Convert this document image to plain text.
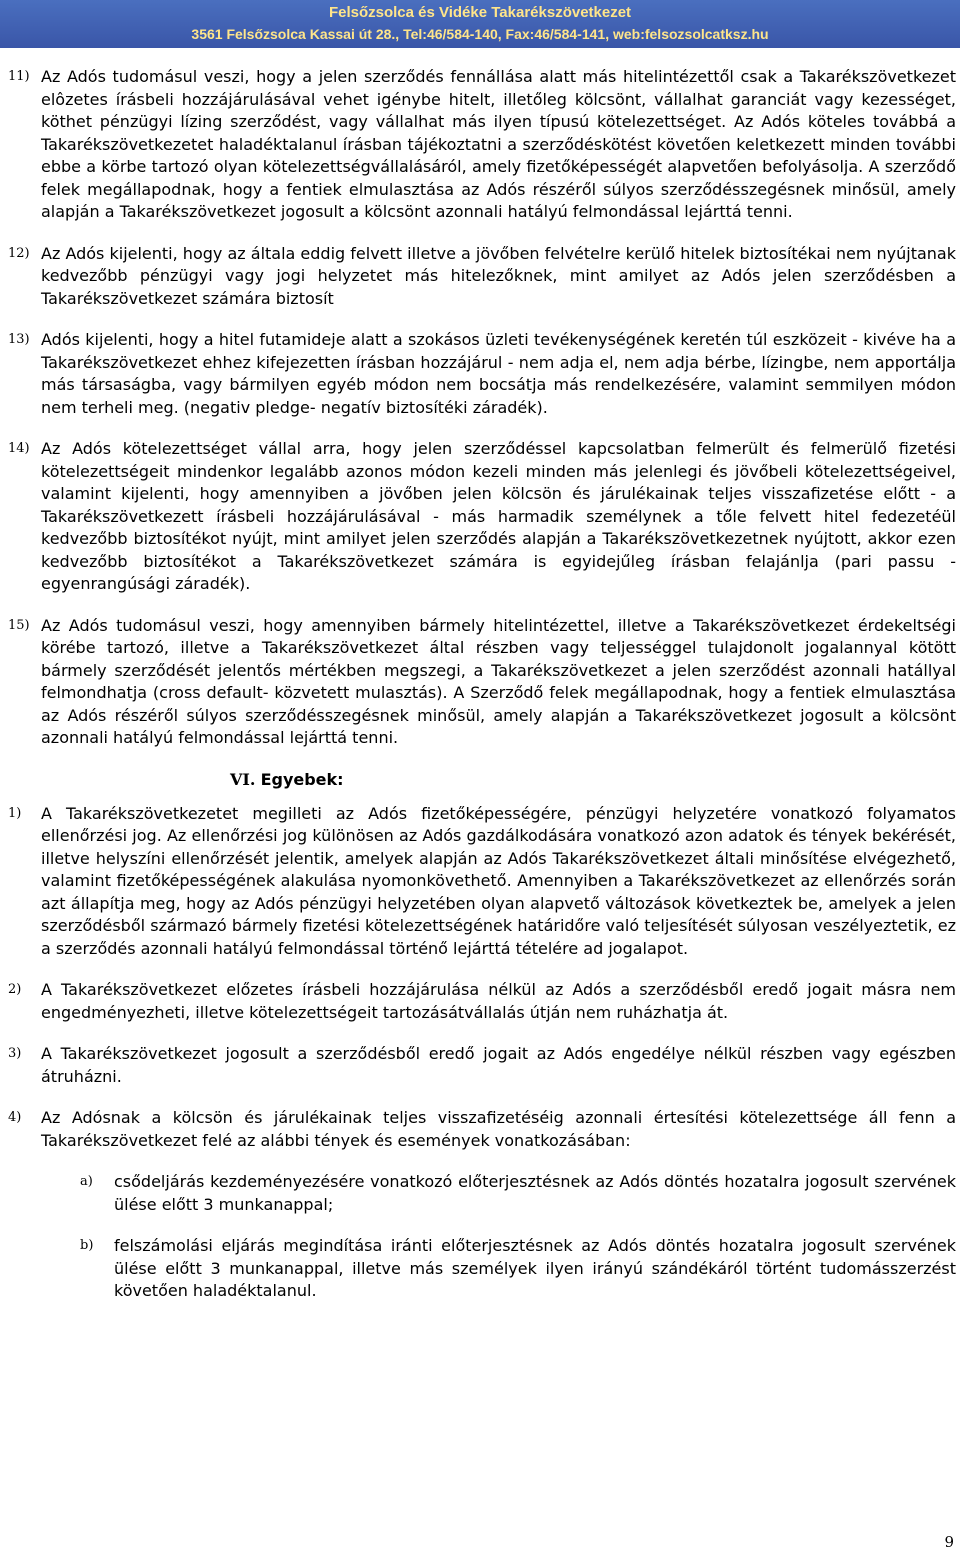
Felsőzsolca és Vidéke Takarékszövetkezet
3561 Felsőzsolca Kassai út 28., Tel:46/584-140, Fax:46/584-141, web:felsozsolcatksz.hu
11) Az Adós tudomásul veszi, hogy a jelen szerződés fennállása alatt más hitelintézettől csak a Takarékszövetkezet elôzetes írásbeli hozzájárulásával vehet igénybe hitelt, illetőleg kölcsönt, vállalhat garanciát vagy kezességet, köthet pénzügyi lízing szerződést, vagy vállalhat más ilyen típusú kötelezettséget. Az Adós köteles továbbá a Takarékszövetkezetet haladéktalanul írásban tájékoztatni a szerződéskötést követően keletkezett minden további ebbe a körbe tartozó olyan kötelezettségvállalásáról, amely fizetőképességét alapvetően befolyásolja. A szerződő felek megállapodnak, hogy a fentiek elmulasztása az Adós részéről súlyos szerződésszegésnek minősül, amely alapján a Takarékszövetkezet jogosult a kölcsönt azonnali hatályú felmondással lejárttá tenni.
12) Az Adós kijelenti, hogy az általa eddig felvett illetve a jövőben felvételre kerülő hitelek biztosítékai nem nyújtanak kedvezőbb pénzügyi vagy jogi helyzetet más hitelezőknek, mint amilyet az Adós jelen szerződésben a Takarékszövetkezet számára biztosít
13) Adós kijelenti, hogy a hitel futamideje alatt a szokásos üzleti tevékenységének keretén túl eszközeit - kivéve ha a Takarékszövetkezet ehhez kifejezetten írásban hozzájárul - nem adja el, nem adja bérbe, lízingbe, nem apportálja más társaságba, vagy bármilyen egyéb módon nem bocsátja más rendelkezésére, valamint semmilyen módon nem terheli meg. (negativ pledge- negatív biztosítéki záradék).
14) Az Adós kötelezettséget vállal arra, hogy jelen szerződéssel kapcsolatban felmerült és felmerülő fizetési kötelezettségeit mindenkor legalább azonos módon kezeli minden más jelenlegi és jövőbeli kötelezettségeivel, valamint kijelenti, hogy amennyiben a jövőben jelen kölcsön és járulékainak teljes visszafizetése előtt - a Takarékszövetkezett írásbeli hozzájárulásával - más harmadik személynek a tőle felvett hitel fedezetéül kedvezőbb biztosítékot nyújt, mint amilyet jelen szerződés alapján a Takarékszövetkezetnek nyújtott, akkor ezen kedvezőbb biztosítékot a Takarékszövetkezet számára is egyidejűleg írásban felajánlja (pari passu - egyenrangúsági záradék).
15) Az Adós tudomásul veszi, hogy amennyiben bármely hitelintézettel, illetve a Takarékszövetkezet érdekeltségi körébe tartozó, illetve a Takarékszövetkezet által részben vagy teljességgel tulajdonolt jogalannyal kötött bármely szerződését jelentős mértékben megszegi, a Takarékszövetkezet a jelen szerződést azonnali hatállyal felmondhatja (cross default- közvetett mulasztás). A Szerződő felek megállapodnak, hogy a fentiek elmulasztása az Adós részéről súlyos szerződésszegésnek minősül, amely alapján a Takarékszövetkezet jogosult a kölcsönt azonnali hatályú felmondással lejárttá tenni.
VI. Egyebek:
1) A Takarékszövetkezetet megilleti az Adós fizetőképességére, pénzügyi helyzetére vonatkozó folyamatos ellenőrzési jog. Az ellenőrzési jog különösen az Adós gazdálkodására vonatkozó azon adatok és tények bekérését, illetve helyszíni ellenőrzését jelentik, amelyek alapján az Adós Takarékszövetkezet általi minősítése elvégezhető, valamint fizetőképességének alakulása nyomonkövethető. Amennyiben a Takarékszövetkezet az ellenőrzés során azt állapítja meg, hogy az Adós pénzügyi helyzetében olyan alapvető változások következtek be, amelyek a jelen szerződésből származó bármely fizetési kötelezettségének határidőre való teljesítését súlyosan veszélyeztetik, ez a szerződés azonnali hatályú felmondással történő lejárttá tételére ad jogalapot.
2) A Takarékszövetkezet előzetes írásbeli hozzájárulása nélkül az Adós a szerződésből eredő jogait másra nem engedményezheti, illetve kötelezettségeit tartozásátvállalás útján nem ruházhatja át.
3) A Takarékszövetkezet jogosult a szerződésből eredő jogait az Adós engedélye nélkül részben vagy egészben átruházni.
4) Az Adósnak a kölcsön és járulékainak teljes visszafizetéséig azonnali értesítési kötelezettsége áll fenn a Takarékszövetkezet felé az alábbi tények és események vonatkozásában:
a) csődeljárás kezdeményezésére vonatkozó előterjesztésnek az Adós döntés hozatalra jogosult szervének ülése előtt 3 munkanappal;
b) felszámolási eljárás megindítása iránti előterjesztésnek az Adós döntés hozatalra jogosult szervének ülése előtt 3 munkanappal, illetve más személyek ilyen irányú szándékáról történt tudomásszerzést követően haladéktalanul.
9
